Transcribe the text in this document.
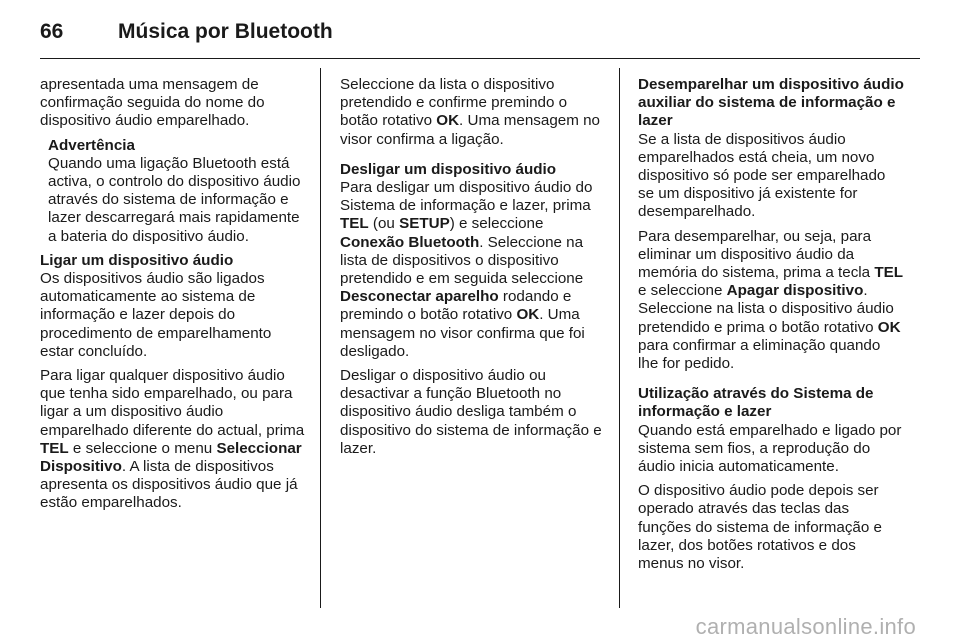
66	Música por Bluetooth

apresentada uma mensagem de confirmação seguida do nome do dispositivo áudio emparelhado.

Advertência

Quando uma ligação Bluetooth está activa, o controlo do dispositivo áudio através do sistema de informação e lazer descarregará mais rapidamente a bateria do dispositivo áudio.

Ligar um dispositivo áudio

Os dispositivos áudio são ligados automaticamente ao sistema de informação e lazer depois do procedimento de emparelhamento estar concluído.

Para ligar qualquer dispositivo áudio que tenha sido emparelhado, ou para ligar a um dispositivo áudio emparelhado diferente do actual, prima TEL e seleccione o menu Seleccionar Dispositivo. A lista de dispositivos apresenta os dispositivos áudio que já estão emparelhados.

Seleccione da lista o dispositivo pretendido e confirme premindo o botão rotativo OK. Uma mensagem no visor confirma a ligação.

Desligar um dispositivo áudio

Para desligar um dispositivo áudio do Sistema de informação e lazer, prima TEL (ou SETUP) e seleccione Conexão Bluetooth. Seleccione na lista de dispositivos o dispositivo pretendido e em seguida seleccione Desconectar aparelho rodando e premindo o botão rotativo OK. Uma mensagem no visor confirma que foi desligado.

Desligar o dispositivo áudio ou desactivar a função Bluetooth no dispositivo áudio desliga também o dispositivo do sistema de informação e lazer.

Desemparelhar um dispositivo áudio auxiliar do sistema de informação e lazer

Se a lista de dispositivos áudio emparelhados está cheia, um novo dispositivo só pode ser emparelhado se um dispositivo já existente for desemparelhado.

Para desemparelhar, ou seja, para eliminar um dispositivo áudio da memória do sistema, prima a tecla TEL e seleccione Apagar dispositivo. Seleccione na lista o dispositivo áudio pretendido e prima o botão rotativo OK para confirmar a eliminação quando lhe for pedido.

Utilização através do Sistema de informação e lazer

Quando está emparelhado e ligado por sistema sem fios, a reprodução do áudio inicia automaticamente.

O dispositivo áudio pode depois ser operado através das teclas das funções do sistema de informação e lazer, dos botões rotativos e dos menus no visor.

carmanualsonline.info
